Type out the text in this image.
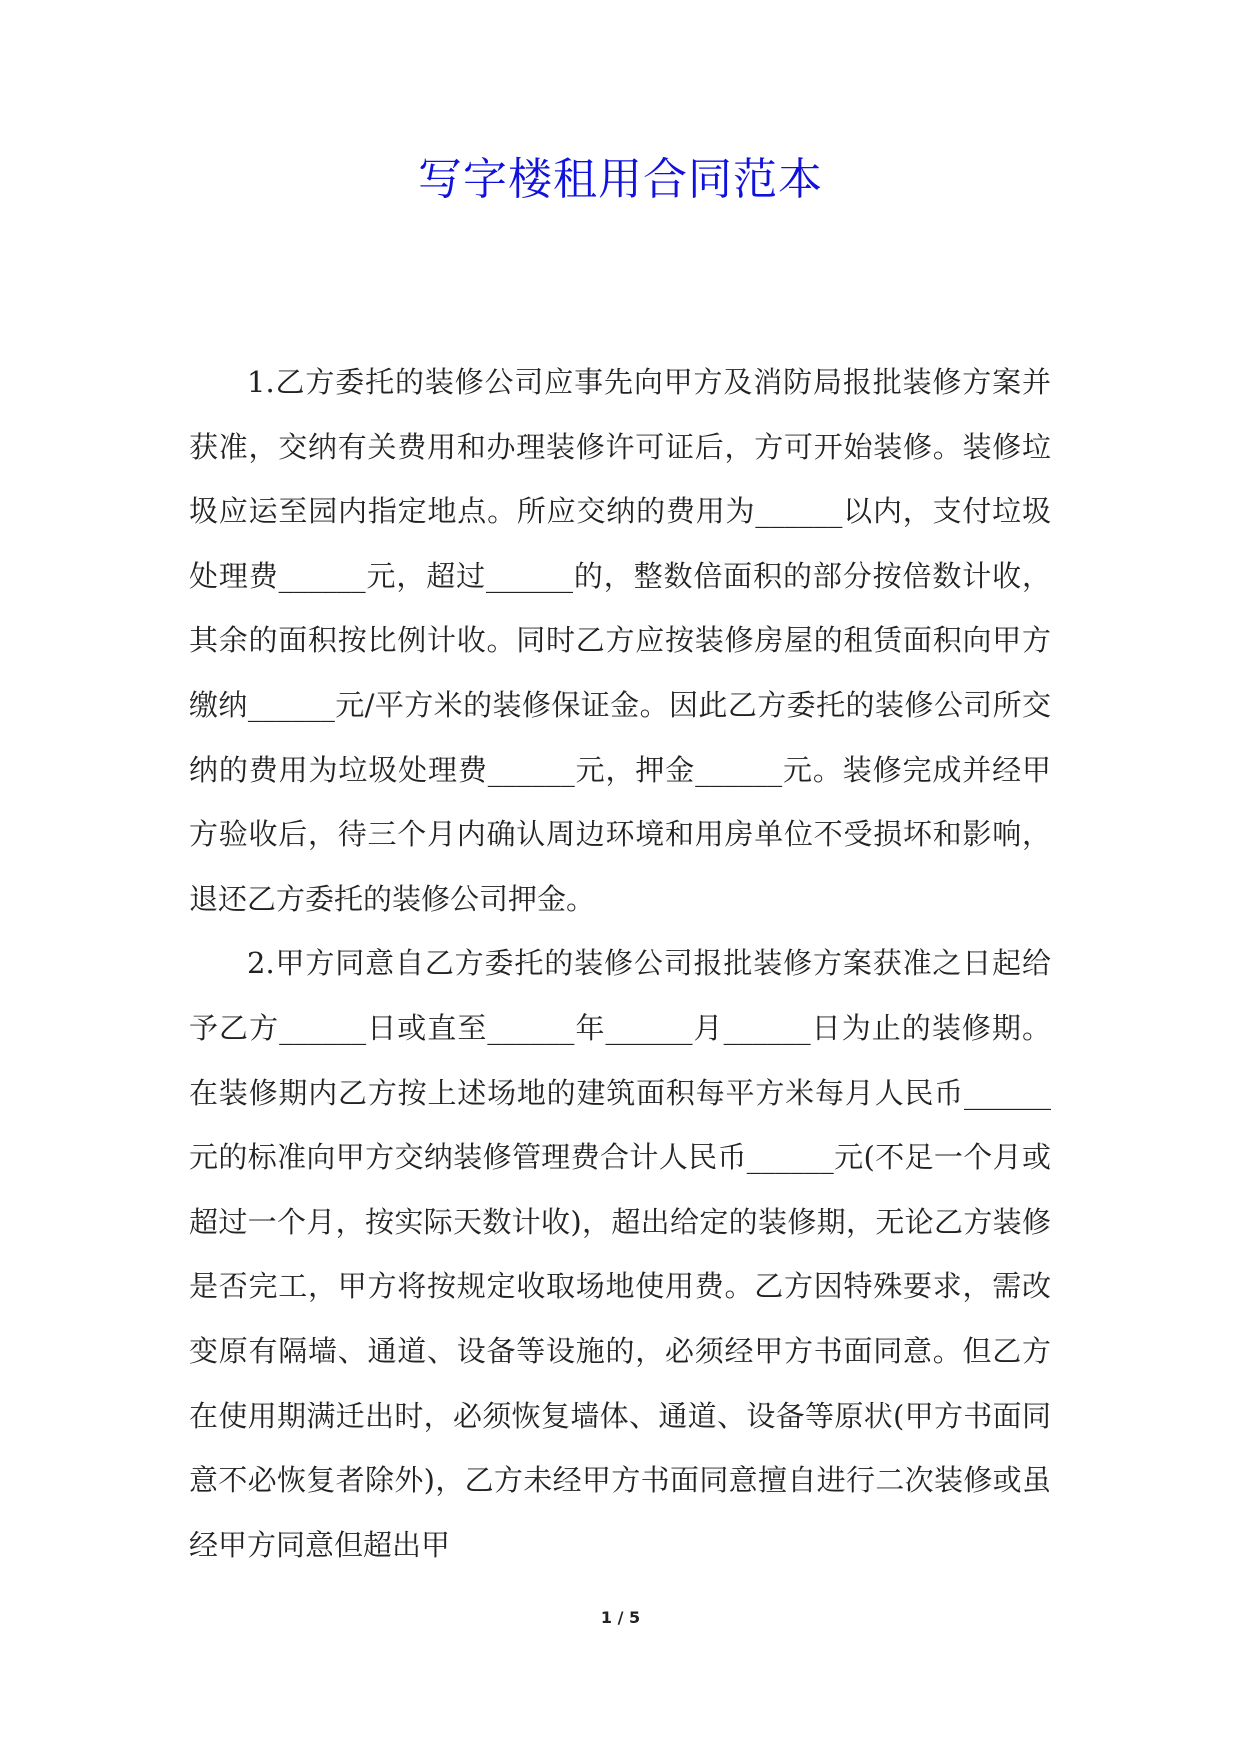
写字楼租用合同范本

1.乙方委托的装修公司应事先向甲方及消防局报批装修方案并获准，交纳有关费用和办理装修许可证后，方可开始装修。装修垃圾应运至园内指定地点。所应交纳的费用为______以内，支付垃圾处理费______元，超过______的，整数倍面积的部分按倍数计收，其余的面积按比例计收。同时乙方应按装修房屋的租赁面积向甲方缴纳______元/平方米的装修保证金。因此乙方委托的装修公司所交纳的费用为垃圾处理费______元，押金______元。装修完成并经甲方验收后，待三个月内确认周边环境和用房单位不受损坏和影响，退还乙方委托的装修公司押金。

2.甲方同意自乙方委托的装修公司报批装修方案获准之日起给予乙方______日或直至______年______月______日为止的装修期。在装修期内乙方按上述场地的建筑面积每平方米每月人民币______元的标准向甲方交纳装修管理费合计人民币______元(不足一个月或超过一个月，按实际天数计收)，超出给定的装修期，无论乙方装修是否完工，甲方将按规定收取场地使用费。乙方因特殊要求，需改变原有隔墙、通道、设备等设施的，必须经甲方书面同意。但乙方在使用期满迁出时，必须恢复墙体、通道、设备等原状(甲方书面同意不必恢复者除外)，乙方未经甲方书面同意擅自进行二次装修或虽经甲方同意但超出甲

1 / 5
